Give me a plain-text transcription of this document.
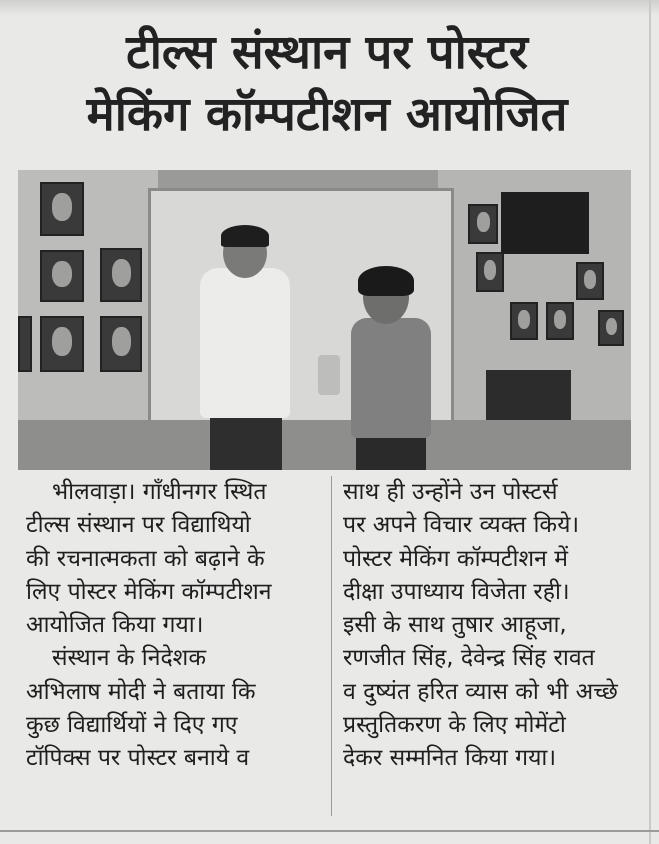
टील्स संस्थान पर पोस्टर
मेकिंग कॉम्पटीशन आयोजित

भीलवाड़ा। गाँधीनगर स्थित

टील्स संस्थान पर विद्याथियो

की रचनात्मकता को बढ़ाने के

लिए पोस्टर मेकिंग कॉम्पटीशन

आयोजित किया गया।

संस्थान के निदेशक

अभिलाष मोदी ने बताया कि

कुछ विद्यार्थियों ने दिए गए

टॉपिक्स पर पोस्टर बनाये व

साथ ही उन्होंने उन पोस्टर्स

पर अपने विचार व्यक्त किये।

पोस्टर मेकिंग कॉम्पटीशन में

दीक्षा उपाध्याय विजेता रही।

इसी के साथ तुषार आहूजा,

रणजीत सिंह, देवेन्द्र सिंह रावत

व दुष्यंत हरित व्यास को भी अच्छे

प्रस्तुतिकरण के लिए मोमेंटो

देकर सम्मनित किया गया।
